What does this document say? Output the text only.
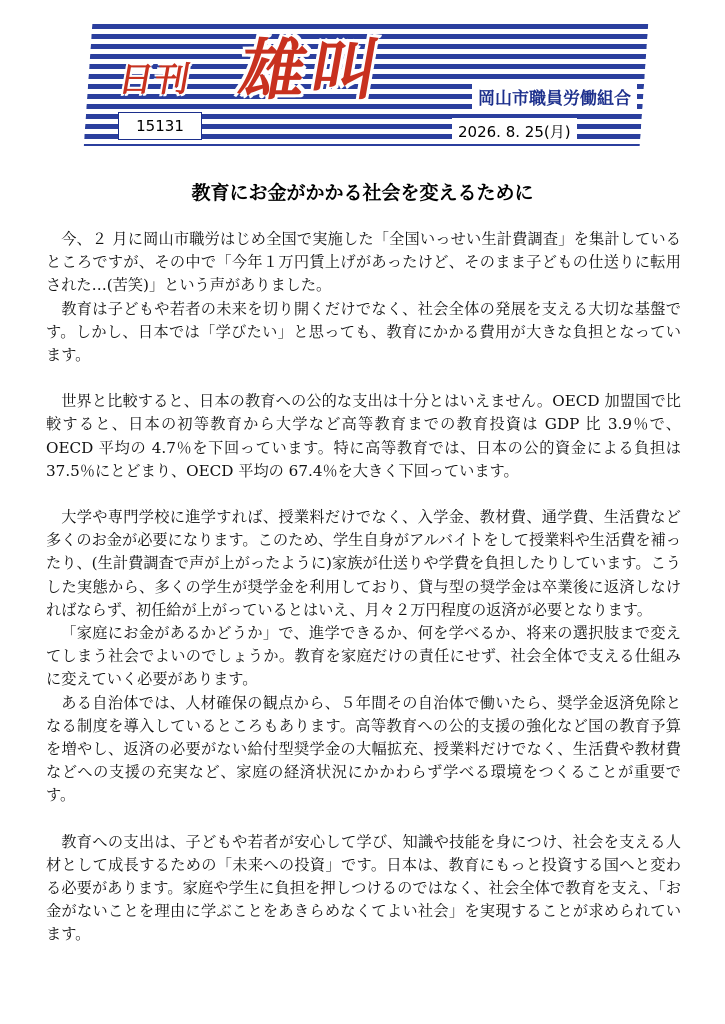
日刊 雄叫	岡山市職員労働組合
15131	2026. 8. 25(月)
教育にお金がかかる社会を変えるために

今、２ 月に岡山市職労はじめ全国で実施した「全国いっせい生計費調査」を集計しているところですが、その中で「今年１万円賃上げがあったけど、そのまま子どもの仕送りに転用された…(苦笑)」という声がありました。

教育は子どもや若者の未来を切り開くだけでなく、社会全体の発展を支える大切な基盤です。しかし、日本では「学びたい」と思っても、教育にかかる費用が大きな負担となっています。

世界と比較すると、日本の教育への公的な支出は十分とはいえません。OECD 加盟国で比較すると、日本の初等教育から大学など高等教育までの教育投資は GDP 比 3.9％で、OECD 平均の 4.7％を下回っています。特に高等教育では、日本の公的資金による負担は 37.5％にとどまり、OECD 平均の 67.4％を大きく下回っています。

大学や専門学校に進学すれば、授業料だけでなく、入学金、教材費、通学費、生活費など多くのお金が必要になります。このため、学生自身がアルバイトをして授業料や生活費を補ったり、(生計費調査で声が上がったように)家族が仕送りや学費を負担したりしています。こうした実態から、多くの学生が奨学金を利用しており、貸与型の奨学金は卒業後に返済しなければならず、初任給が上がっているとはいえ、月々２万円程度の返済が必要となります。

「家庭にお金があるかどうか」で、進学できるか、何を学べるか、将来の選択肢まで変えてしまう社会でよいのでしょうか。教育を家庭だけの責任にせず、社会全体で支える仕組みに変えていく必要があります。

ある自治体では、人材確保の観点から、５年間その自治体で働いたら、奨学金返済免除となる制度を導入しているところもあります。高等教育への公的支援の強化など国の教育予算を増やし、返済の必要がない給付型奨学金の大幅拡充、授業料だけでなく、生活費や教材費などへの支援の充実など、家庭の経済状況にかかわらず学べる環境をつくることが重要です。

教育への支出は、子どもや若者が安心して学び、知識や技能を身につけ、社会を支える人材として成長するための「未来への投資」です。日本は、教育にもっと投資する国へと変わる必要があります。家庭や学生に負担を押しつけるのではなく、社会全体で教育を支え、「お金がないことを理由に学ぶことをあきらめなくてよい社会」を実現することが求められています。
